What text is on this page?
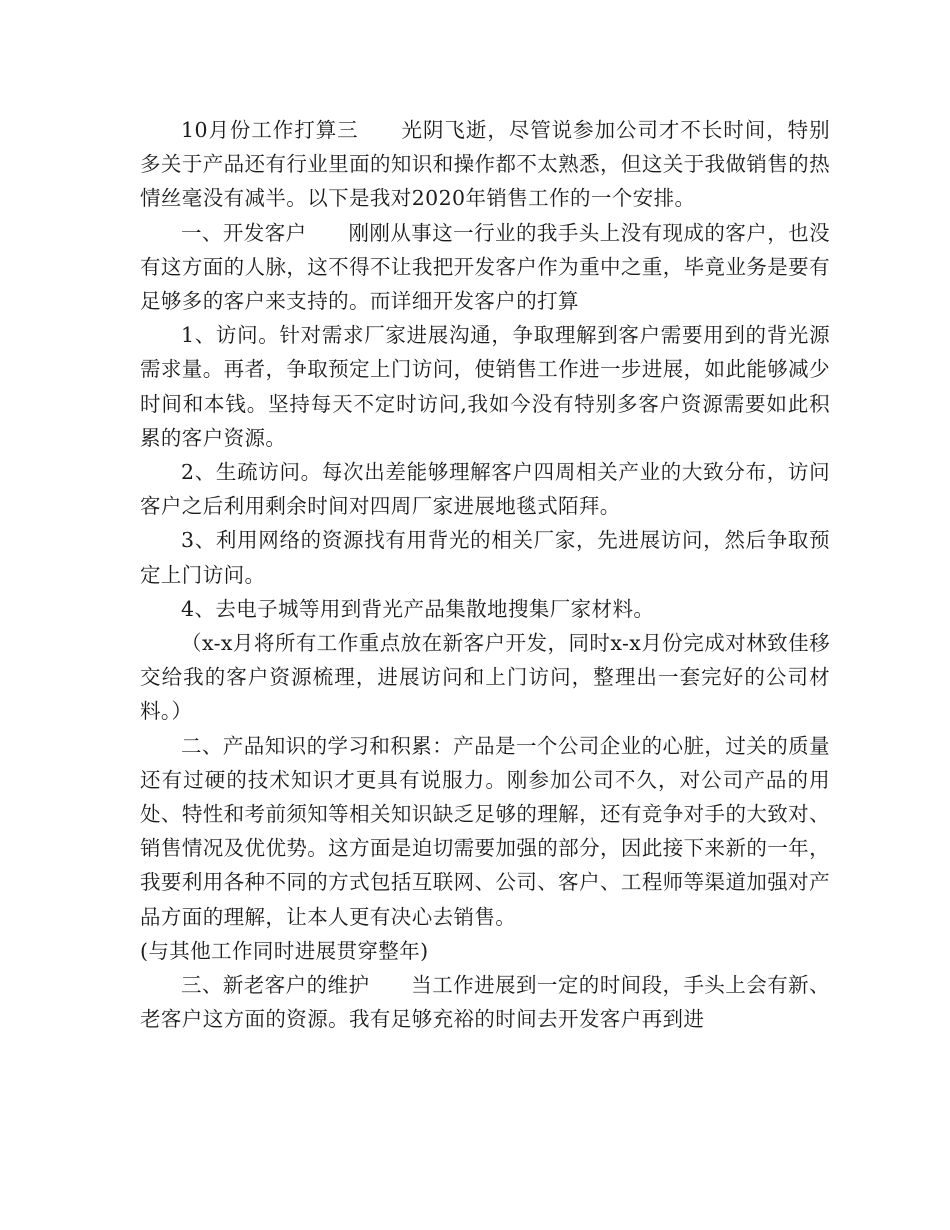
10月份工作打算三　　光阴飞逝，尽管说参加公司才不长时间，特别多关于产品还有行业里面的知识和操作都不太熟悉，但这关于我做销售的热情丝毫没有减半。以下是我对2020年销售工作的一个安排。

一、开发客户　　刚刚从事这一行业的我手头上没有现成的客户，也没有这方面的人脉，这不得不让我把开发客户作为重中之重，毕竟业务是要有足够多的客户来支持的。而详细开发客户的打算

1、访问。针对需求厂家进展沟通，争取理解到客户需要用到的背光源需求量。再者，争取预定上门访问，使销售工作进一步进展，如此能够减少时间和本钱。坚持每天不定时访问,我如今没有特别多客户资源需要如此积累的客户资源。

2、生疏访问。每次出差能够理解客户四周相关产业的大致分布，访问客户之后利用剩余时间对四周厂家进展地毯式陌拜。

3、利用网络的资源找有用背光的相关厂家，先进展访问，然后争取预定上门访问。

4、去电子城等用到背光产品集散地搜集厂家材料。

（x-x月将所有工作重点放在新客户开发，同时x-x月份完成对林致佳移交给我的客户资源梳理，进展访问和上门访问，整理出一套完好的公司材料。）

二、产品知识的学习和积累：产品是一个公司企业的心脏，过关的质量还有过硬的技术知识才更具有说服力。刚参加公司不久，对公司产品的用处、特性和考前须知等相关知识缺乏足够的理解，还有竞争对手的大致对、销售情况及优优势。这方面是迫切需要加强的部分，因此接下来新的一年，我要利用各种不同的方式包括互联网、公司、客户、工程师等渠道加强对产品方面的理解，让本人更有决心去销售。

(与其他工作同时进展贯穿整年)

三、新老客户的维护　　当工作进展到一定的时间段，手头上会有新、老客户这方面的资源。我有足够充裕的时间去开发客户再到进
